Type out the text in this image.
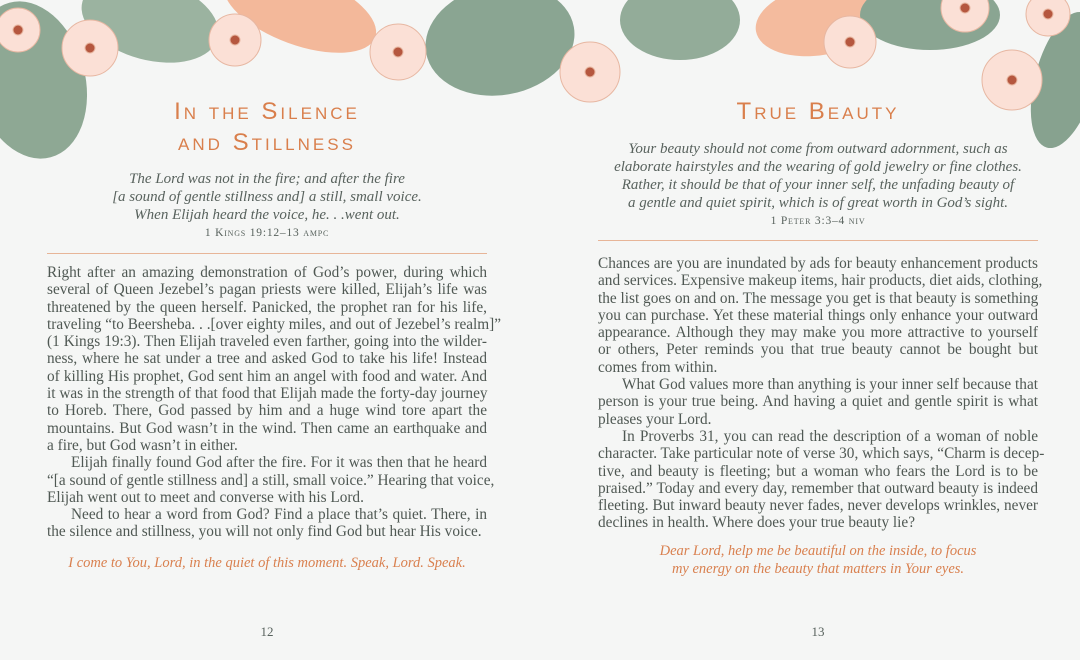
In the Silence
and Stillness
The Lord was not in the fire; and after the fire
[a sound of gentle stillness and] a still, small voice.
When Elijah heard the voice, he. . .went out.
1 Kings 19:12–13 ampc
Right after an amazing demonstration of God’s power, during which
several of Queen Jezebel’s pagan priests were killed, Elijah’s life was
threatened by the queen herself. Panicked, the prophet ran for his life,
traveling “to Beersheba. . .[over eighty miles, and out of Jezebel’s realm]”
(1 Kings 19:3). Then Elijah traveled even farther, going into the wilder-
ness, where he sat under a tree and asked God to take his life! Instead
of killing His prophet, God sent him an angel with food and water. And
it was in the strength of that food that Elijah made the forty-day journey
to Horeb. There, God passed by him and a huge wind tore apart the
mountains. But God wasn’t in the wind. Then came an earthquake and
a fire, but God wasn’t in either.
Elijah finally found God after the fire. For it was then that he heard
“[a sound of gentle stillness and] a still, small voice.” Hearing that voice,
Elijah went out to meet and converse with his Lord.
Need to hear a word from God? Find a place that’s quiet. There, in
the silence and stillness, you will not only find God but hear His voice.
I come to You, Lord, in the quiet of this moment. Speak, Lord. Speak.
12
True Beauty
Your beauty should not come from outward adornment, such as
elaborate hairstyles and the wearing of gold jewelry or fine clothes.
Rather, it should be that of your inner self, the unfading beauty of
a gentle and quiet spirit, which is of great worth in God’s sight.
1 Peter 3:3–4 niv
Chances are you are inundated by ads for beauty enhancement products
and services. Expensive makeup items, hair products, diet aids, clothing,
the list goes on and on. The message you get is that beauty is something
you can purchase. Yet these material things only enhance your outward
appearance. Although they may make you more attractive to yourself
or others, Peter reminds you that true beauty cannot be bought but
comes from within.
What God values more than anything is your inner self because that
person is your true being. And having a quiet and gentle spirit is what
pleases your Lord.
In Proverbs 31, you can read the description of a woman of noble
character. Take particular note of verse 30, which says, “Charm is decep-
tive, and beauty is fleeting; but a woman who fears the Lord is to be
praised.” Today and every day, remember that outward beauty is indeed
fleeting. But inward beauty never fades, never develops wrinkles, never
declines in health. Where does your true beauty lie?
Dear Lord, help me be beautiful on the inside, to focus
my energy on the beauty that matters in Your eyes.
13
